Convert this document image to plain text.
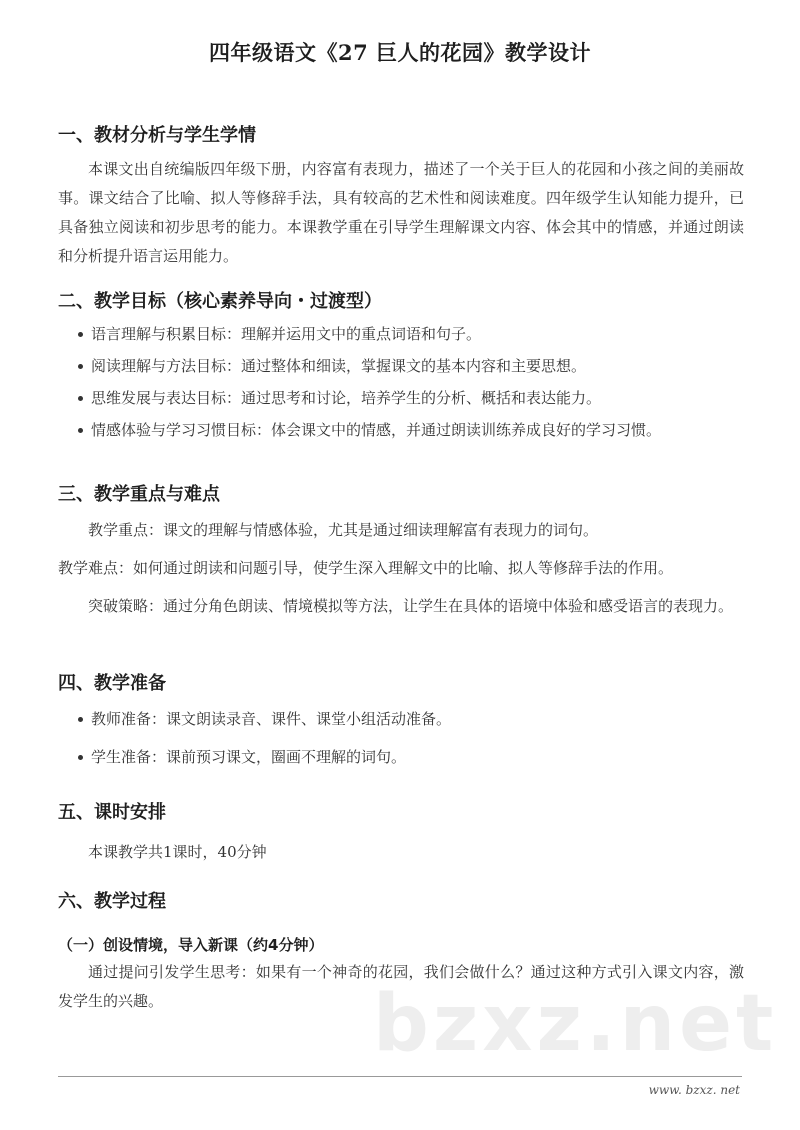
bzxz.net
四年级语文《27 巨人的花园》教学设计
一、教材分析与学生学情

本课文出自统编版四年级下册，内容富有表现力，描述了一个关于巨人的花园和小孩之间的美丽故事。课文结合了比喻、拟人等修辞手法，具有较高的艺术性和阅读难度。四年级学生认知能力提升，已具备独立阅读和初步思考的能力。本课教学重在引导学生理解课文内容、体会其中的情感，并通过朗读和分析提升语言运用能力。

二、教学目标（核心素养导向・过渡型）
语言理解与积累目标：理解并运用文中的重点词语和句子。
阅读理解与方法目标：通过整体和细读，掌握课文的基本内容和主要思想。
思维发展与表达目标：通过思考和讨论，培养学生的分析、概括和表达能力。
情感体验与学习习惯目标：体会课文中的情感，并通过朗读训练养成良好的学习习惯。
三、教学重点与难点

教学重点：课文的理解与情感体验，尤其是通过细读理解富有表现力的词句。

教学难点：如何通过朗读和问题引导，使学生深入理解文中的比喻、拟人等修辞手法的作用。

突破策略：通过分角色朗读、情境模拟等方法，让学生在具体的语境中体验和感受语言的表现力。

四、教学准备
教师准备：课文朗读录音、课件、课堂小组活动准备。
学生准备：课前预习课文，圈画不理解的词句。
五、课时安排

本课教学共1课时，40分钟

六、教学过程
（一）创设情境，导入新课（约4分钟）

通过提问引发学生思考：如果有一个神奇的花园，我们会做什么？通过这种方式引入课文内容，激发学生的兴趣。

www. bzxz. net
